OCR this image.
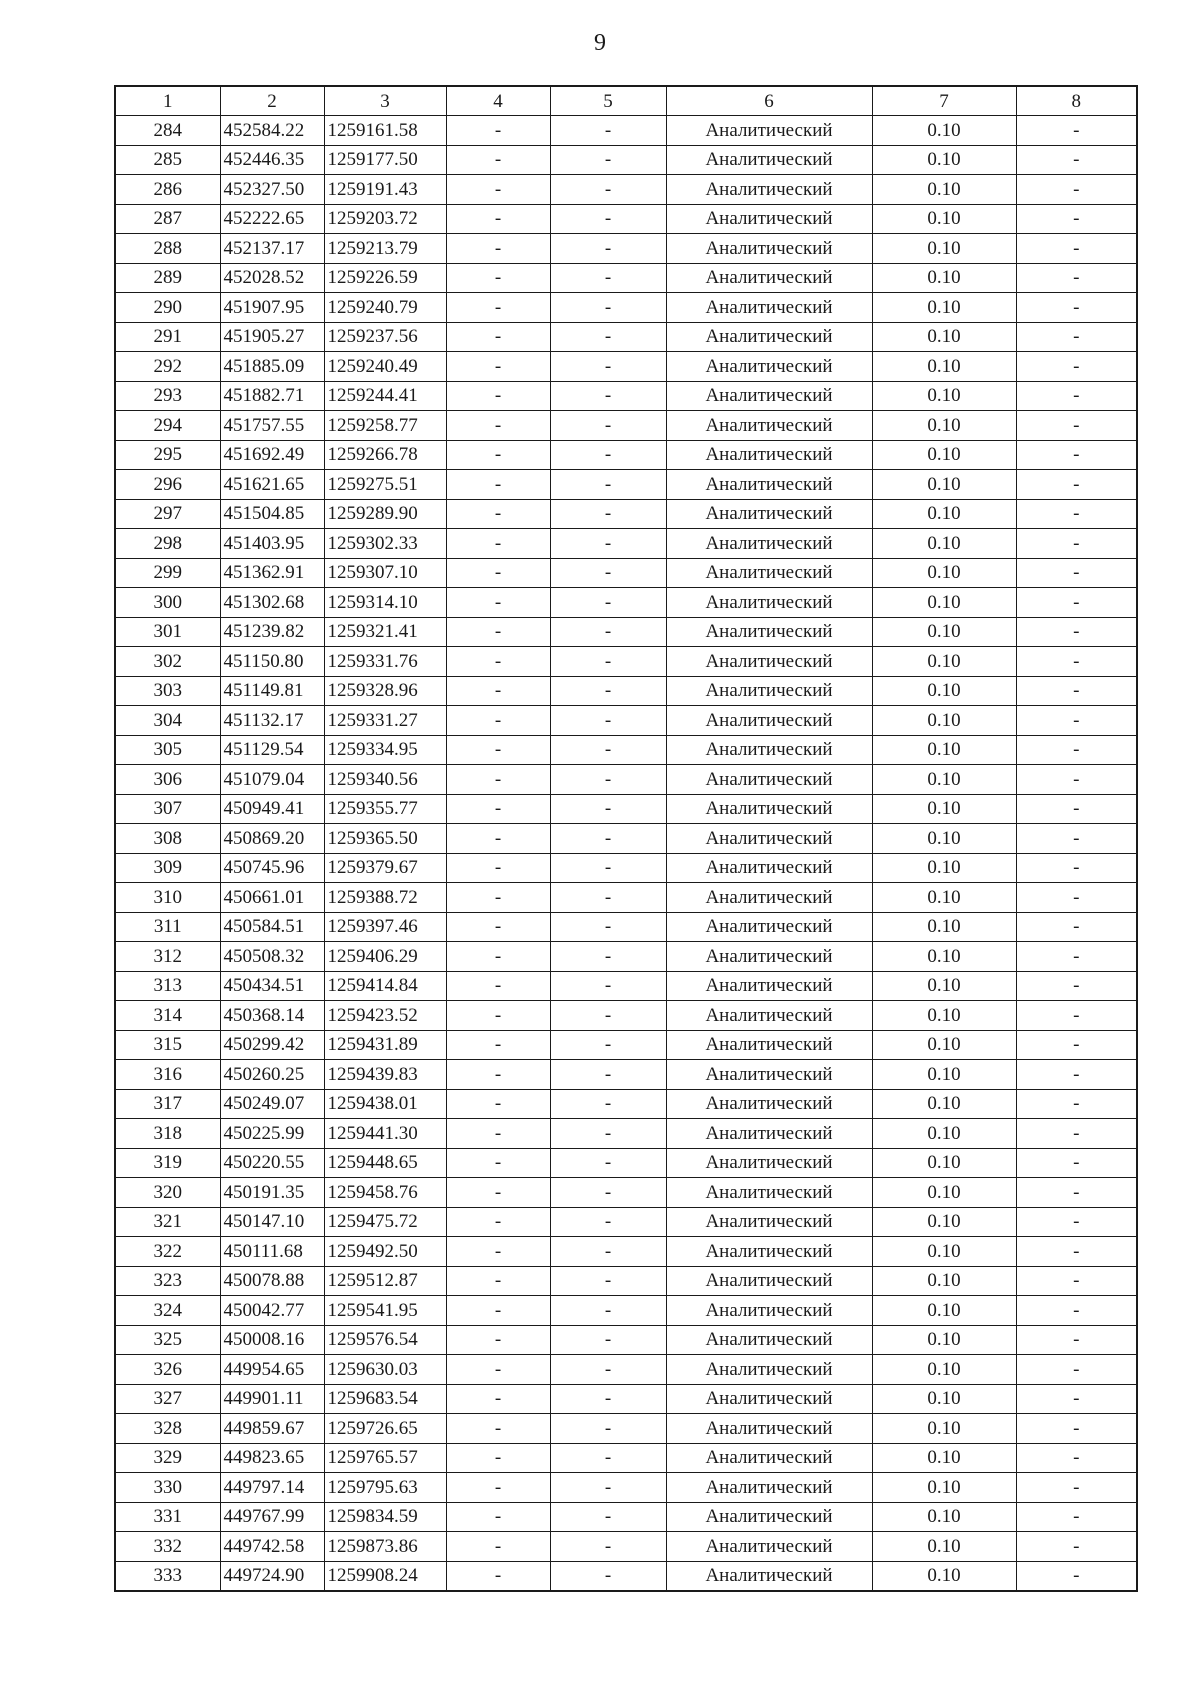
9
1	2	3	4	5	6	7	8
284	452584.22	1259161.58	-	-	Аналитический	0.10	-
285	452446.35	1259177.50	-	-	Аналитический	0.10	-
286	452327.50	1259191.43	-	-	Аналитический	0.10	-
287	452222.65	1259203.72	-	-	Аналитический	0.10	-
288	452137.17	1259213.79	-	-	Аналитический	0.10	-
289	452028.52	1259226.59	-	-	Аналитический	0.10	-
290	451907.95	1259240.79	-	-	Аналитический	0.10	-
291	451905.27	1259237.56	-	-	Аналитический	0.10	-
292	451885.09	1259240.49	-	-	Аналитический	0.10	-
293	451882.71	1259244.41	-	-	Аналитический	0.10	-
294	451757.55	1259258.77	-	-	Аналитический	0.10	-
295	451692.49	1259266.78	-	-	Аналитический	0.10	-
296	451621.65	1259275.51	-	-	Аналитический	0.10	-
297	451504.85	1259289.90	-	-	Аналитический	0.10	-
298	451403.95	1259302.33	-	-	Аналитический	0.10	-
299	451362.91	1259307.10	-	-	Аналитический	0.10	-
300	451302.68	1259314.10	-	-	Аналитический	0.10	-
301	451239.82	1259321.41	-	-	Аналитический	0.10	-
302	451150.80	1259331.76	-	-	Аналитический	0.10	-
303	451149.81	1259328.96	-	-	Аналитический	0.10	-
304	451132.17	1259331.27	-	-	Аналитический	0.10	-
305	451129.54	1259334.95	-	-	Аналитический	0.10	-
306	451079.04	1259340.56	-	-	Аналитический	0.10	-
307	450949.41	1259355.77	-	-	Аналитический	0.10	-
308	450869.20	1259365.50	-	-	Аналитический	0.10	-
309	450745.96	1259379.67	-	-	Аналитический	0.10	-
310	450661.01	1259388.72	-	-	Аналитический	0.10	-
311	450584.51	1259397.46	-	-	Аналитический	0.10	-
312	450508.32	1259406.29	-	-	Аналитический	0.10	-
313	450434.51	1259414.84	-	-	Аналитический	0.10	-
314	450368.14	1259423.52	-	-	Аналитический	0.10	-
315	450299.42	1259431.89	-	-	Аналитический	0.10	-
316	450260.25	1259439.83	-	-	Аналитический	0.10	-
317	450249.07	1259438.01	-	-	Аналитический	0.10	-
318	450225.99	1259441.30	-	-	Аналитический	0.10	-
319	450220.55	1259448.65	-	-	Аналитический	0.10	-
320	450191.35	1259458.76	-	-	Аналитический	0.10	-
321	450147.10	1259475.72	-	-	Аналитический	0.10	-
322	450111.68	1259492.50	-	-	Аналитический	0.10	-
323	450078.88	1259512.87	-	-	Аналитический	0.10	-
324	450042.77	1259541.95	-	-	Аналитический	0.10	-
325	450008.16	1259576.54	-	-	Аналитический	0.10	-
326	449954.65	1259630.03	-	-	Аналитический	0.10	-
327	449901.11	1259683.54	-	-	Аналитический	0.10	-
328	449859.67	1259726.65	-	-	Аналитический	0.10	-
329	449823.65	1259765.57	-	-	Аналитический	0.10	-
330	449797.14	1259795.63	-	-	Аналитический	0.10	-
331	449767.99	1259834.59	-	-	Аналитический	0.10	-
332	449742.58	1259873.86	-	-	Аналитический	0.10	-
333	449724.90	1259908.24	-	-	Аналитический	0.10	-
